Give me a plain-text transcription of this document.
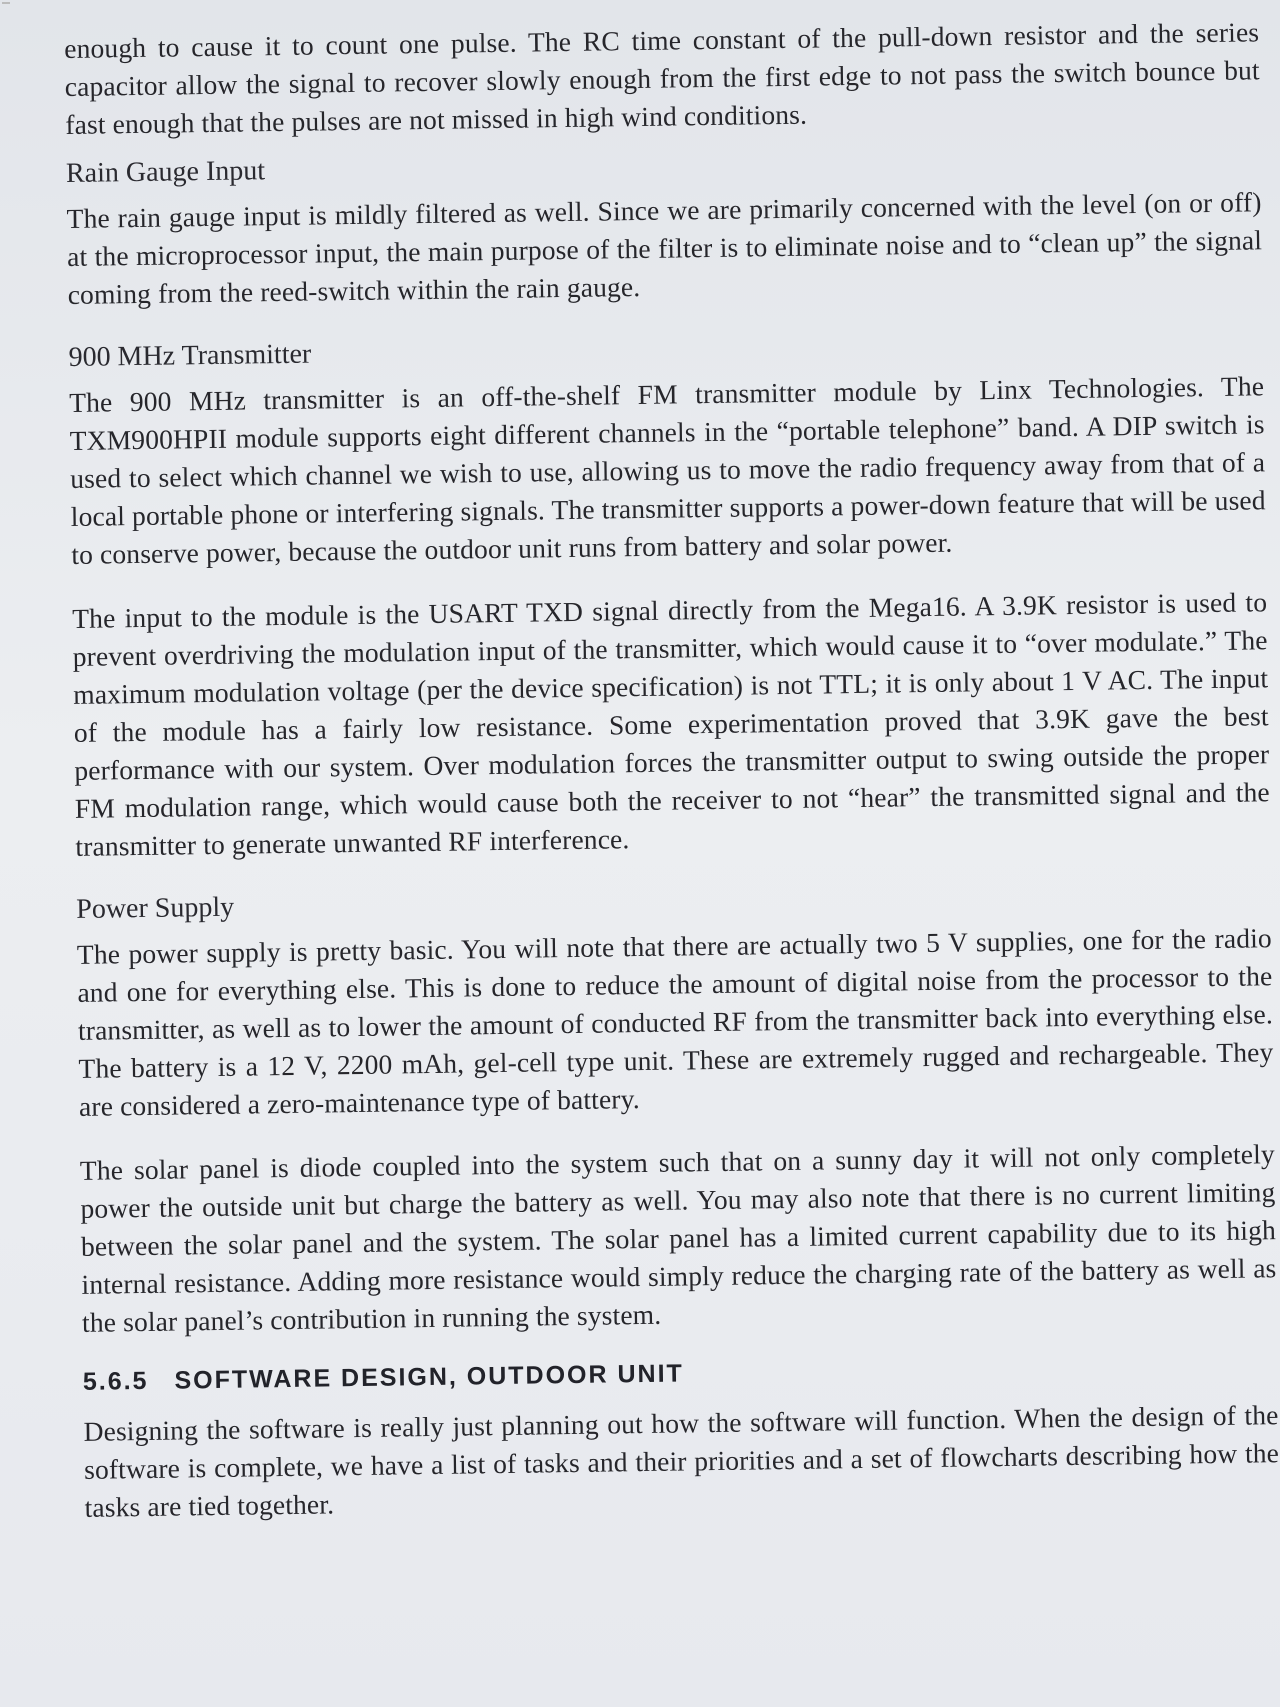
enough to cause it to count one pulse. The RC time constant of the pull-down resistor and the series capacitor allow the signal to recover slowly enough from the first edge to not pass the switch bounce but fast enough that the pulses are not missed in high wind conditions.

Rain Gauge Input

The rain gauge input is mildly filtered as well. Since we are primarily concerned with the level (on or off) at the microprocessor input, the main purpose of the filter is to eliminate noise and to “clean up” the signal coming from the reed-switch within the rain gauge.

900 MHz Transmitter

The 900 MHz transmitter is an off-the-shelf FM transmitter module by Linx Technologies. The TXM900HPII module supports eight different channels in the “portable telephone” band. A DIP switch is used to select which channel we wish to use, allowing us to move the radio frequency away from that of a local portable phone or interfering signals. The transmitter supports a power-down feature that will be used to conserve power, because the outdoor unit runs from battery and solar power.

The input to the module is the USART TXD signal directly from the Mega16. A 3.9K resistor is used to prevent overdriving the modulation input of the transmitter, which would cause it to “over modulate.” The maximum modulation voltage (per the device specification) is not TTL; it is only about 1 V AC. The input of the module has a fairly low resistance. Some experimentation proved that 3.9K gave the best performance with our system. Over modulation forces the transmitter output to swing outside the proper FM modulation range, which would cause both the receiver to not “hear” the transmitted signal and the transmitter to generate unwanted RF interference.

Power Supply

The power supply is pretty basic. You will note that there are actually two 5 V supplies, one for the radio and one for everything else. This is done to reduce the amount of digital noise from the processor to the transmitter, as well as to lower the amount of conducted RF from the transmitter back into everything else. The battery is a 12 V, 2200 mAh, gel-cell type unit. These are extremely rugged and rechargeable. They are considered a zero-maintenance type of battery.

The solar panel is diode coupled into the system such that on a sunny day it will not only completely power the outside unit but charge the battery as well. You may also note that there is no current limiting between the solar panel and the system. The solar panel has a limited current capability due to its high internal resistance. Adding more resistance would simply reduce the charging rate of the battery as well as the solar panel’s contribution in running the system.

5.6.5 SOFTWARE DESIGN, OUTDOOR UNIT

Designing the software is really just planning out how the software will function. When the design of the software is complete, we have a list of tasks and their priorities and a set of flowcharts describing how the tasks are tied together.
